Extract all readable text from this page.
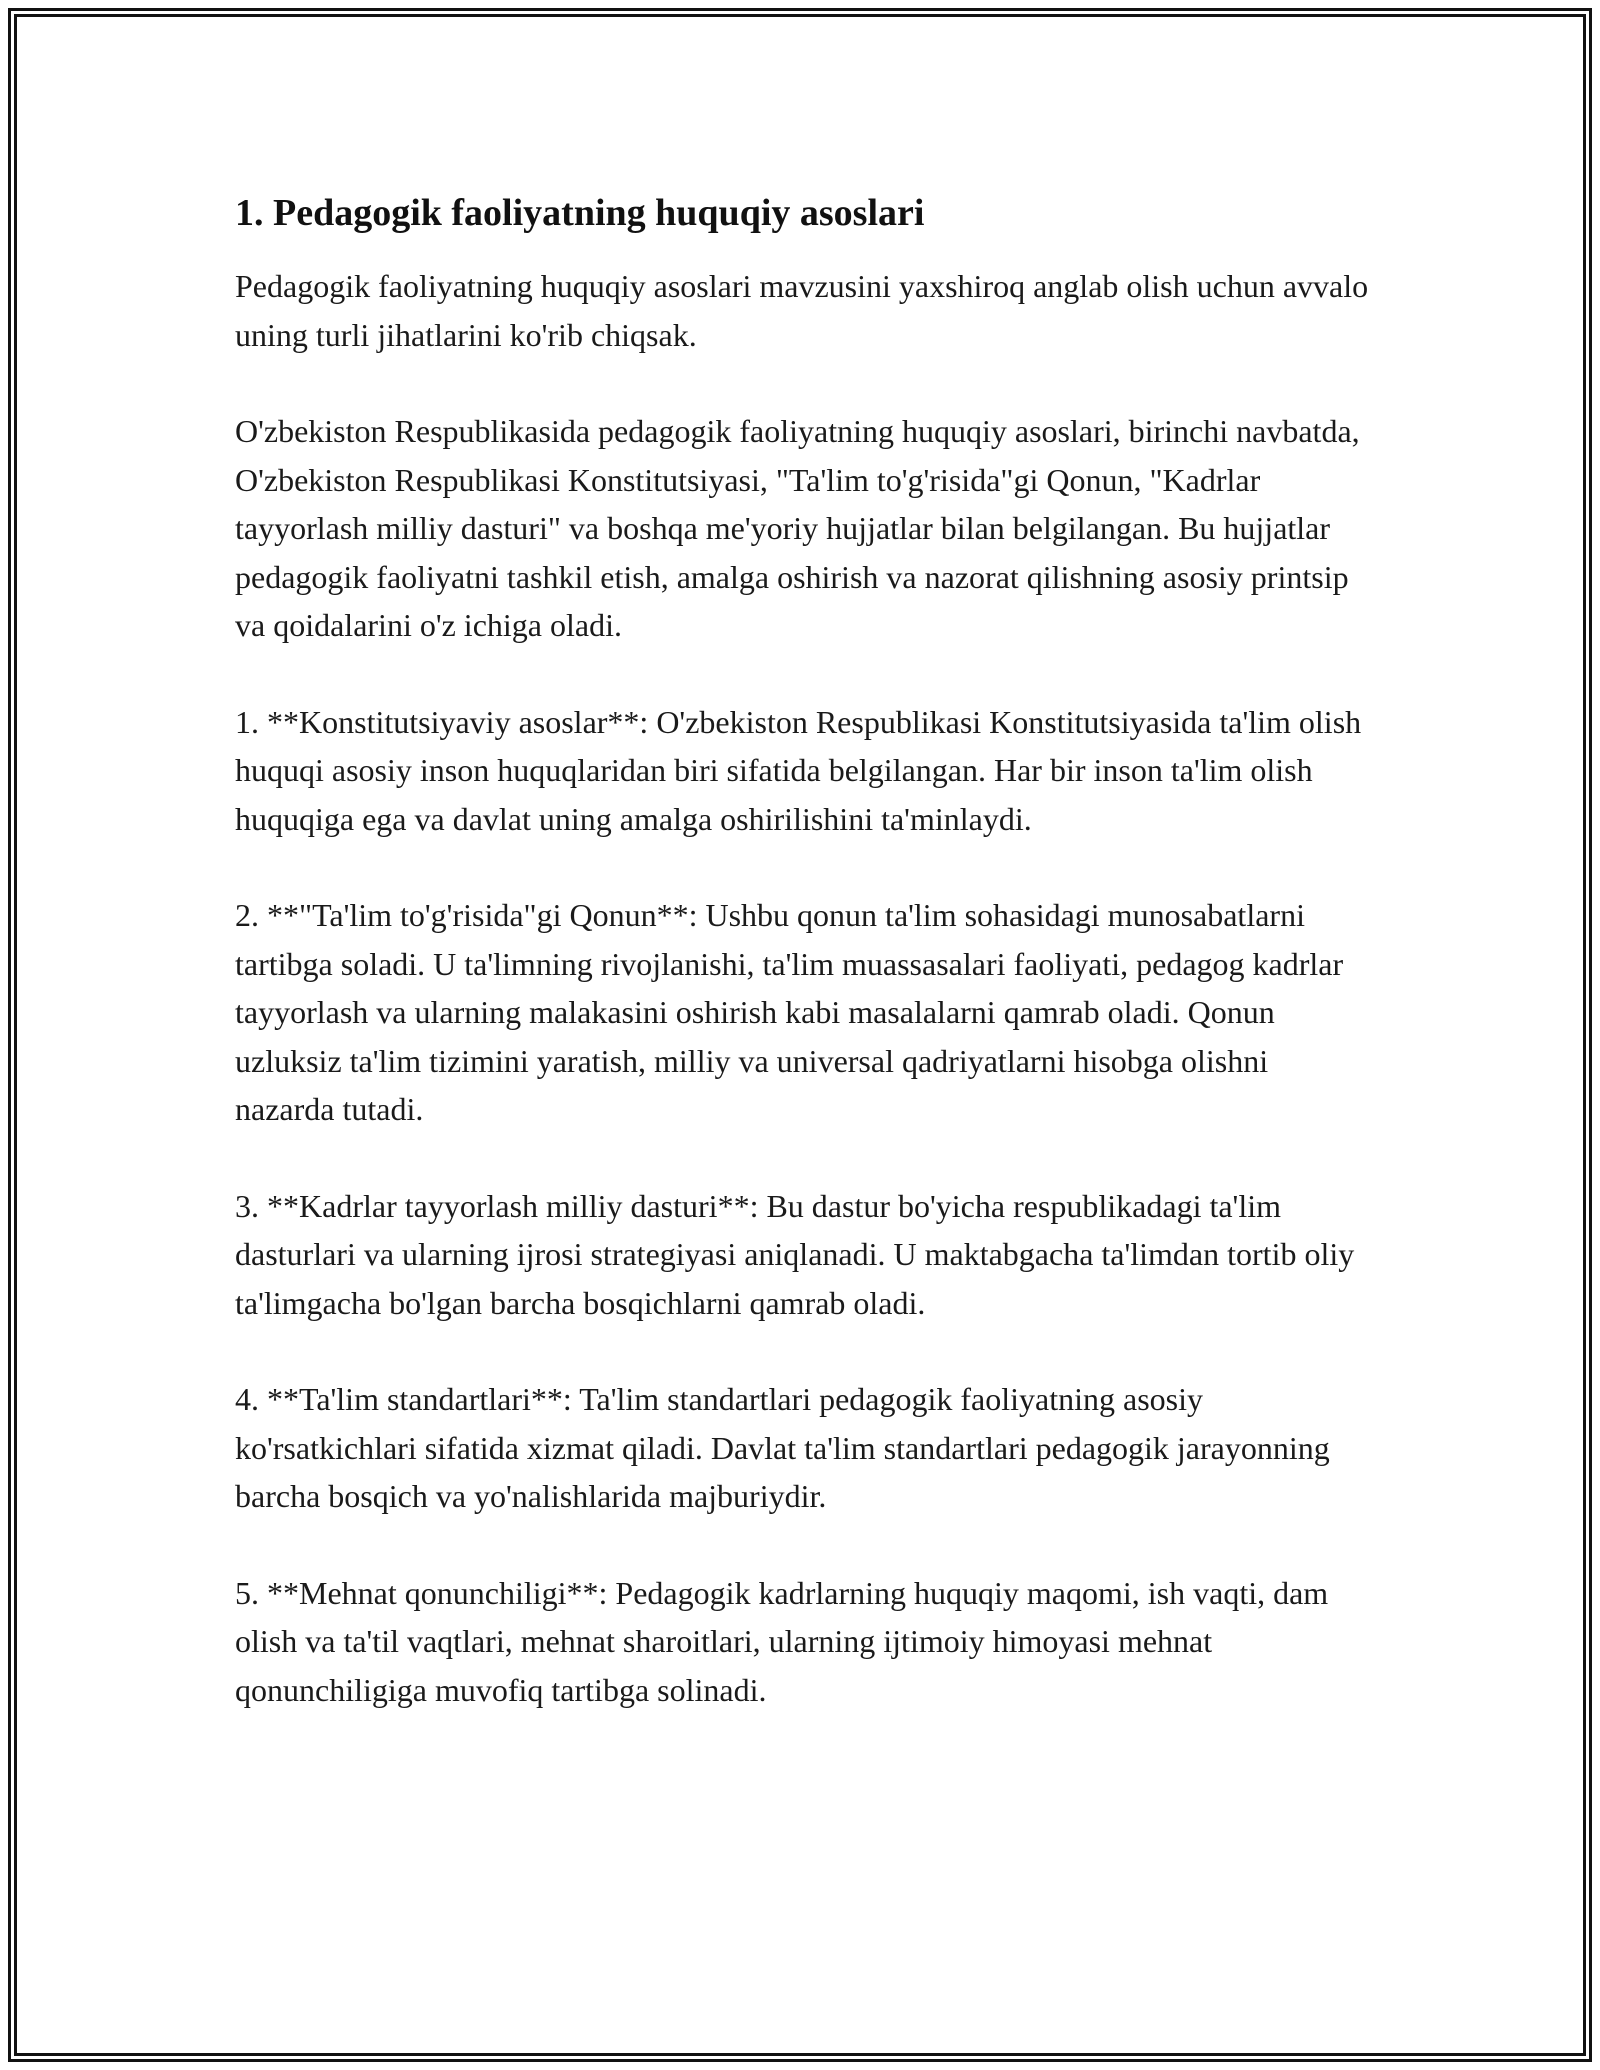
1. Pedagogik faoliyatning huquqiy asoslari

Pedagogik faoliyatning huquqiy asoslari mavzusini yaxshiroq anglab olish uchun avvalo uning turli jihatlarini ko'rib chiqsak.

O'zbekiston Respublikasida pedagogik faoliyatning huquqiy asoslari, birinchi navbatda, O'zbekiston Respublikasi Konstitutsiyasi, "Ta'lim to'g'risida"gi Qonun, "Kadrlar tayyorlash milliy dasturi" va boshqa me'yoriy hujjatlar bilan belgilangan. Bu hujjatlar pedagogik faoliyatni tashkil etish, amalga oshirish va nazorat qilishning asosiy printsip va qoidalarini o'z ichiga oladi.

1. **Konstitutsiyaviy asoslar**: O'zbekiston Respublikasi Konstitutsiyasida ta'lim olish huquqi asosiy inson huquqlaridan biri sifatida belgilangan. Har bir inson ta'lim olish huquqiga ega va davlat uning amalga oshirilishini ta'minlaydi.

2. **"Ta'lim to'g'risida"gi Qonun**: Ushbu qonun ta'lim sohasidagi munosabatlarni tartibga soladi. U ta'limning rivojlanishi, ta'lim muassasalari faoliyati, pedagog kadrlar tayyorlash va ularning malakasini oshirish kabi masalalarni qamrab oladi. Qonun uzluksiz ta'lim tizimini yaratish, milliy va universal qadriyatlarni hisobga olishni nazarda tutadi.

3. **Kadrlar tayyorlash milliy dasturi**: Bu dastur bo'yicha respublikadagi ta'lim dasturlari va ularning ijrosi strategiyasi aniqlanadi. U maktabgacha ta'limdan tortib oliy ta'limgacha bo'lgan barcha bosqichlarni qamrab oladi.

4. **Ta'lim standartlari**: Ta'lim standartlari pedagogik faoliyatning asosiy ko'rsatkichlari sifatida xizmat qiladi. Davlat ta'lim standartlari pedagogik jarayonning barcha bosqich va yo'nalishlarida majburiydir.

5. **Mehnat qonunchiligi**: Pedagogik kadrlarning huquqiy maqomi, ish vaqti, dam olish va ta'til vaqtlari, mehnat sharoitlari, ularning ijtimoiy himoyasi mehnat qonunchiligiga muvofiq tartibga solinadi.
